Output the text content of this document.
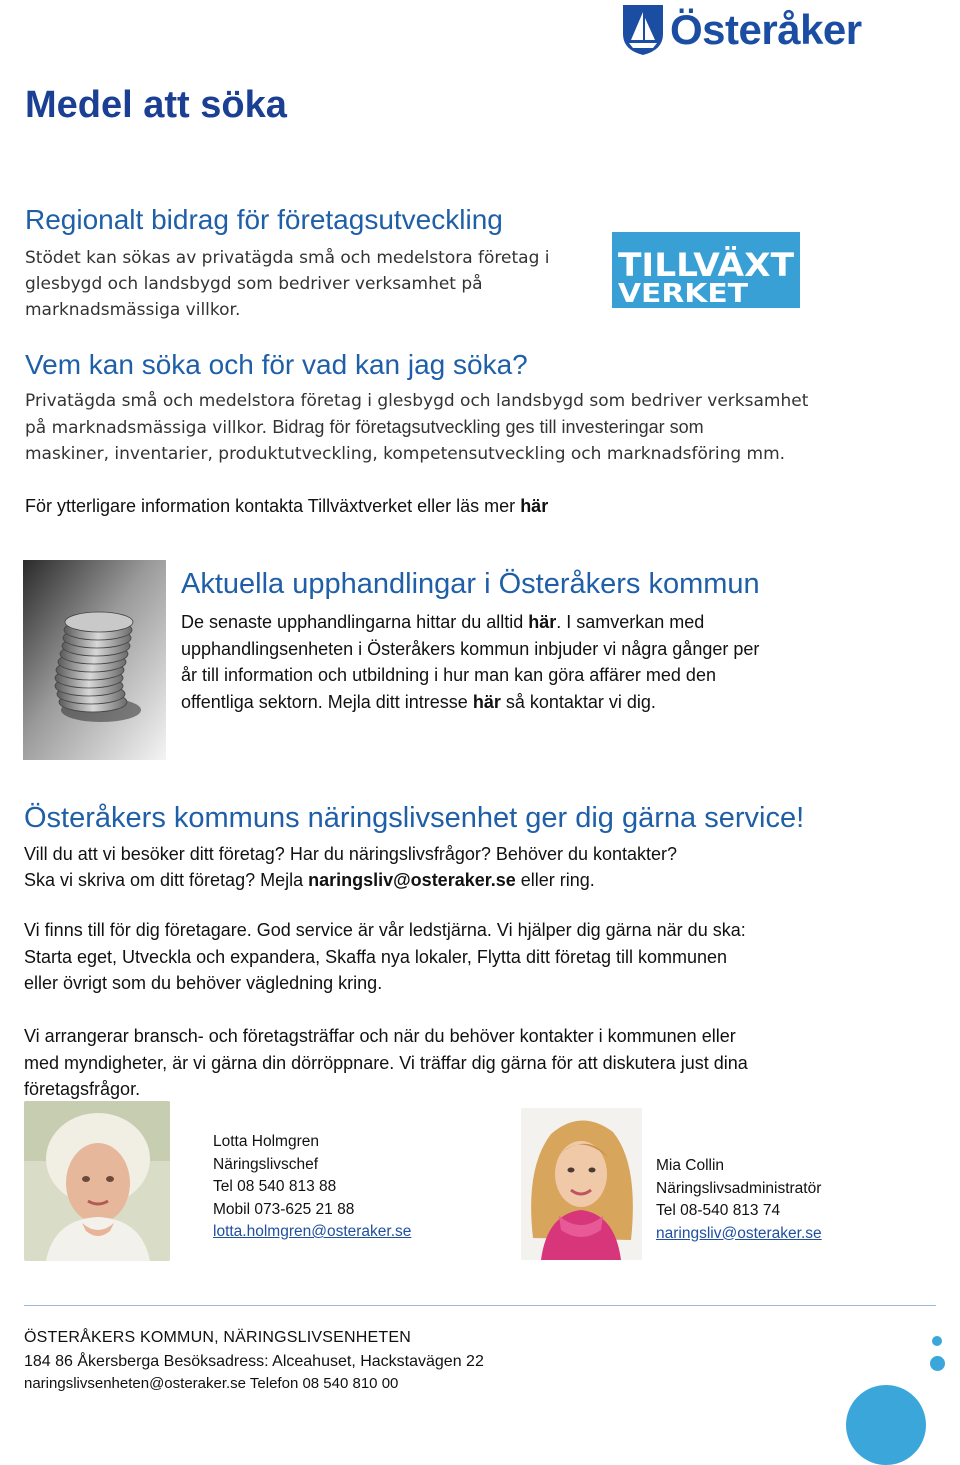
Österåker
Medel att söka
Regionalt bidrag för företagsutveckling

Stödet kan sökas av privatägda små och medelstora företag i

glesbygd och landsbygd som bedriver verksamhet på

marknadsmässiga villkor.

TILLVÄXT
VERKET
Vem kan söka och för vad kan jag söka?

Privatägda små och medelstora företag i glesbygd och landsbygd som bedriver verksamhet

på marknadsmässiga villkor. Bidrag för företagsutveckling ges till investeringar som

maskiner, inventarier, produktutveckling, kompetensutveckling och marknadsföring mm.

För ytterligare information kontakta Tillväxtverket eller läs mer här
Aktuella upphandlingar i Österåkers kommun

De senaste upphandlingarna hittar du alltid här. I samverkan med

upphandlingsenheten i Österåkers kommun inbjuder vi några gånger per

år till information och utbildning i hur man kan göra affärer med den

offentliga sektorn. Mejla ditt intresse här så kontaktar vi dig.

Österåkers kommuns näringslivsenhet ger dig gärna service!

Vill du att vi besöker ditt företag? Har du näringslivsfrågor? Behöver du kontakter?

Ska vi skriva om ditt företag? Mejla naringsliv@osteraker.se eller ring.

Vi finns till för dig företagare. God service är vår ledstjärna. Vi hjälper dig gärna när du ska:

Starta eget, Utveckla och expandera, Skaffa nya lokaler, Flytta ditt företag till kommunen

eller övrigt som du behöver vägledning kring.

Vi arrangerar bransch- och företagsträffar och när du behöver kontakter i kommunen eller

med myndigheter, är vi gärna din dörröppnare. Vi träffar dig gärna för att diskutera just dina

företagsfrågor.

Lotta Holmgren

Näringslivschef

Tel 08 540 813 88

Mobil 073-625 21 88

lotta.holmgren@osteraker.se

Mia Collin

Näringslivsadministratör

Tel 08-540 813 74

naringsliv@osteraker.se

ÖSTERÅKERS KOMMUN, NÄRINGSLIVSENHETEN
184 86 Åkersberga Besöksadress: Alceahuset, Hackstavägen 22
naringslivsenheten@osteraker.se Telefon 08 540 810 00
